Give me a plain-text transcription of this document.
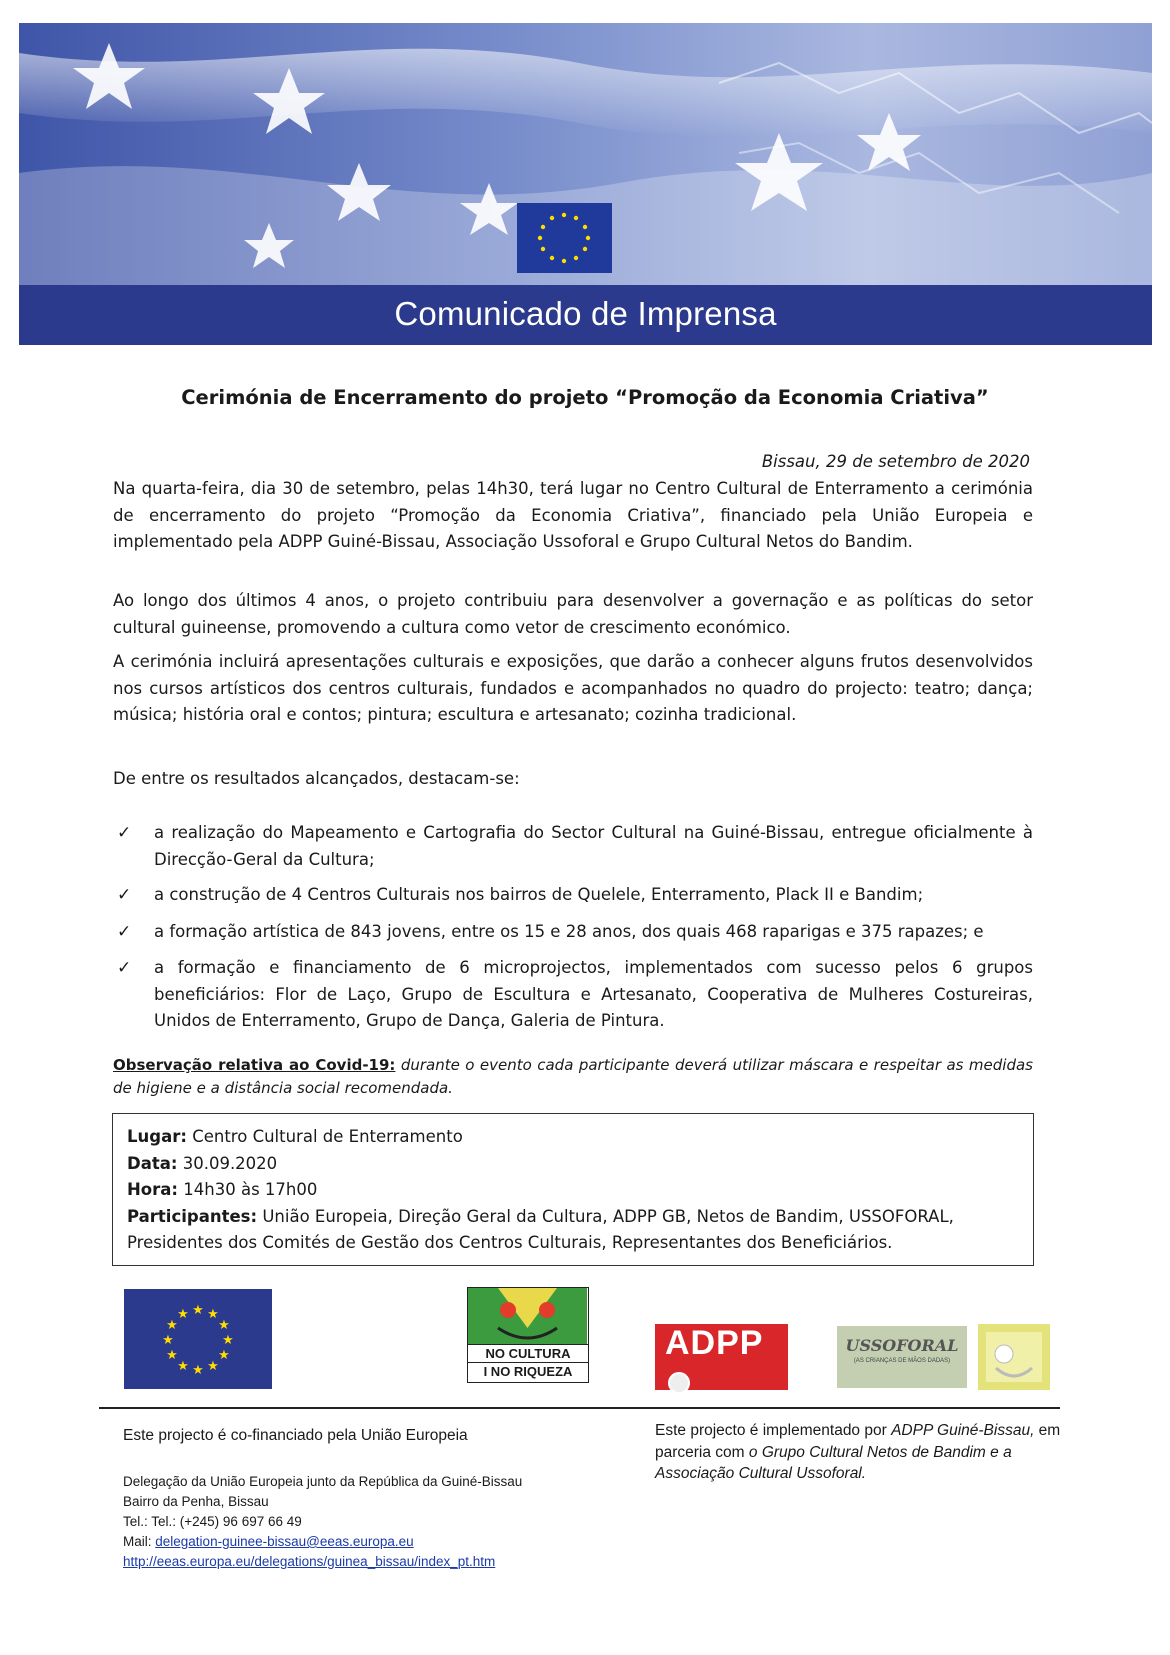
Comunicado de Imprensa
Cerimónia de Encerramento do projeto “Promoção da Economia Criativa”
Bissau, 29 de setembro de 2020

Na quarta-feira, dia 30 de setembro, pelas 14h30, terá lugar no Centro Cultural de Enterramento a cerimónia de encerramento do projeto “Promoção da Economia Criativa”, financiado pela União Europeia e implementado pela ADPP Guiné-Bissau, Associação Ussoforal e Grupo Cultural Netos do Bandim.

Ao longo dos últimos 4 anos, o projeto contribuiu para desenvolver a governação e as políticas do setor cultural guineense, promovendo a cultura como vetor de crescimento económico.

A cerimónia incluirá apresentações culturais e exposições, que darão a conhecer alguns frutos desenvolvidos nos cursos artísticos dos centros culturais, fundados e acompanhados no quadro do projecto: teatro; dança; música; história oral e contos; pintura; escultura e artesanato; cozinha tradicional.

De entre os resultados alcançados, destacam-se:

✓ a realização do Mapeamento e Cartografia do Sector Cultural na Guiné-Bissau, entregue oficialmente à Direcção-Geral da Cultura;
✓ a construção de 4 Centros Culturais nos bairros de Quelele, Enterramento, Plack II e Bandim;
✓ a formação artística de 843 jovens, entre os 15 e 28 anos, dos quais 468 raparigas e 375 rapazes; e
✓ a formação e financiamento de 6 microprojectos, implementados com sucesso pelos 6 grupos beneficiários: Flor de Laço, Grupo de Escultura e Artesanato, Cooperativa de Mulheres Costureiras, Unidos de Enterramento, Grupo de Dança, Galeria de Pintura.

Observação relativa ao Covid-19: durante o evento cada participante deverá utilizar máscara e respeitar as medidas de higiene e a distância social recomendada.

Lugar: Centro Cultural de Enterramento
Data: 30.09.2020
Hora: 14h30 às 17h00
Participantes: União Europeia, Direção Geral da Cultura, ADPP GB, Netos de Bandim, USSOFORAL, Presidentes dos Comités de Gestão dos Centros Culturais, Representantes dos Beneficiários.
★ ★
★
★
★
★
★
★
★
★
★
★
NO CULTURA
I NO RIQUEZA
ADPP
Guiné-Bissau
USSOFORAL
(AS CRIANÇAS DE MÃOS DADAS)
Este projecto é co-financiado pela União Europeia
Delegação da União Europeia junto da República da Guiné-Bissau
Bairro da Penha, Bissau
Tel.: Tel.: (+245) 96 697 66 49
Mail: delegation-guinee-bissau@eeas.europa.eu
http://eeas.europa.eu/delegations/guinea_bissau/index_pt.htm
Este projecto é implementado por ADPP Guiné-Bissau, em parceria com o Grupo Cultural Netos de Bandim e a Associação Cultural Ussoforal.
